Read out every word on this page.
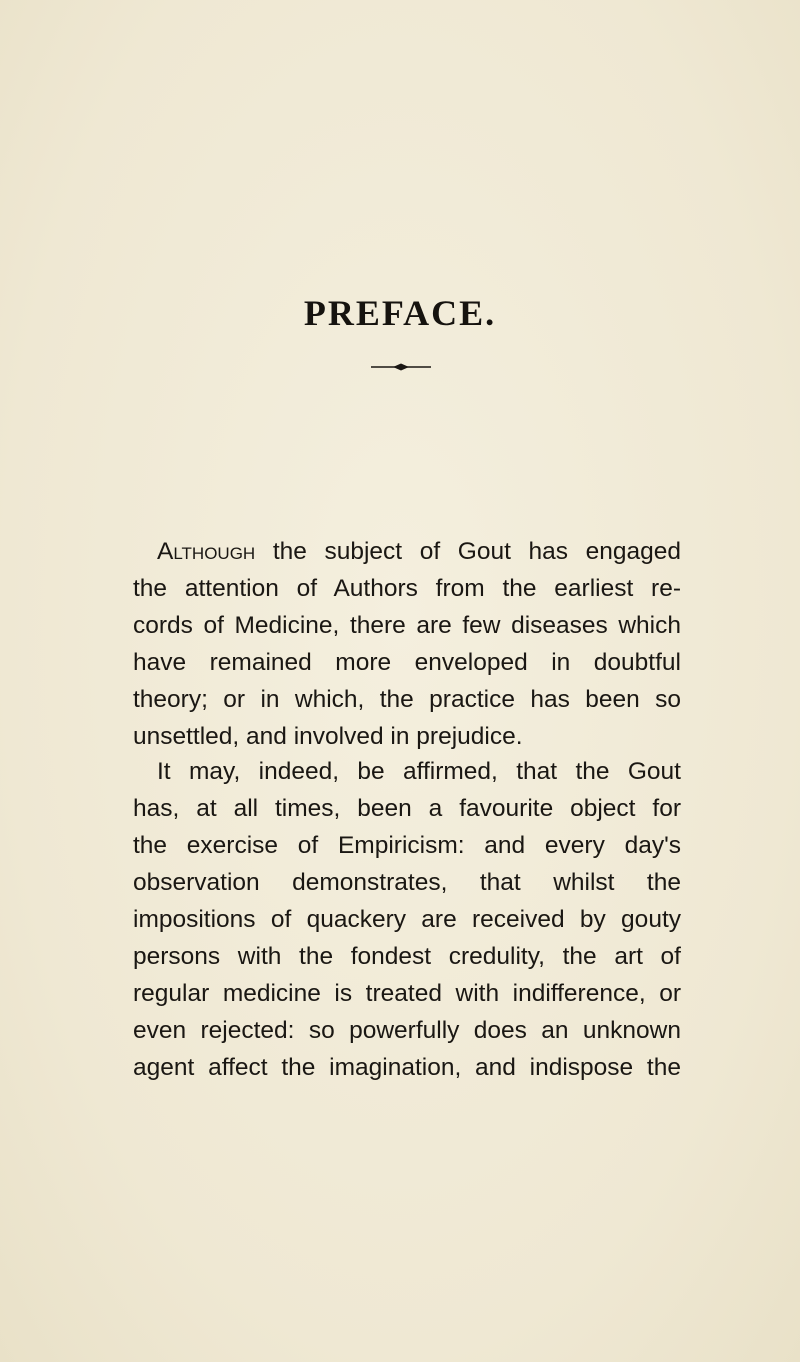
PREFACE.
Although the subject of Gout has engaged
the attention of Authors from the earliest re-
cords of Medicine, there are few diseases which
have remained more enveloped in doubtful
theory; or in which, the practice has been so
unsettled, and involved in prejudice.
It may, indeed, be affirmed, that the Gout
has, at all times, been a favourite object for
the exercise of Empiricism: and every day's
observation demonstrates, that whilst the
impositions of quackery are received by gouty
persons with the fondest credulity, the art of
regular medicine is treated with indifference, or
even rejected: so powerfully does an unknown
agent affect the imagination, and indispose the
